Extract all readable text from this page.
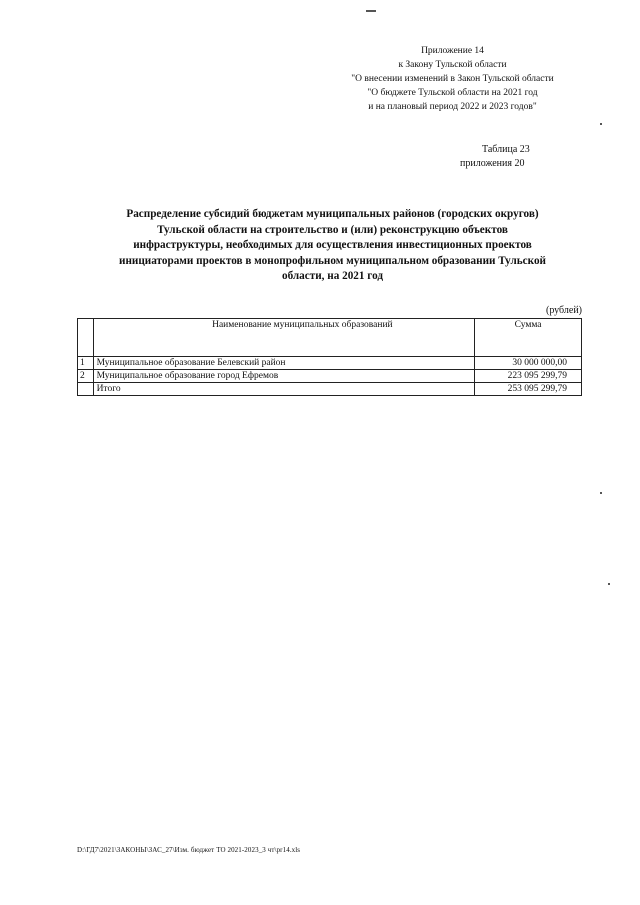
Приложение 14
к Закону Тульской области
"О внесении изменений в Закон Тульской области
"О бюджете Тульской области на 2021 год
и на плановый период 2022 и 2023 годов"
Таблица 23
приложения 20
Распределение субсидий бюджетам муниципальных районов (городских округов)
Тульской области на строительство и (или) реконструкцию объектов
инфраструктуры, необходимых для осуществления инвестиционных проектов
инициаторами проектов в монопрофильном муниципальном образовании Тульской
области, на 2021 год
(рублей)
	Наименование муниципальных образований	Сумма
1	Муниципальное образование Белевский район	30 000 000,00
2	Муниципальное образование город Ефремов	223 095 299,79
	Итого	253 095 299,79
D:\ГД7\2021\ЗАКОНЫ\ЗАС_27\Изм. бюджет ТО 2021-2023_3 чт\pr14.xls
